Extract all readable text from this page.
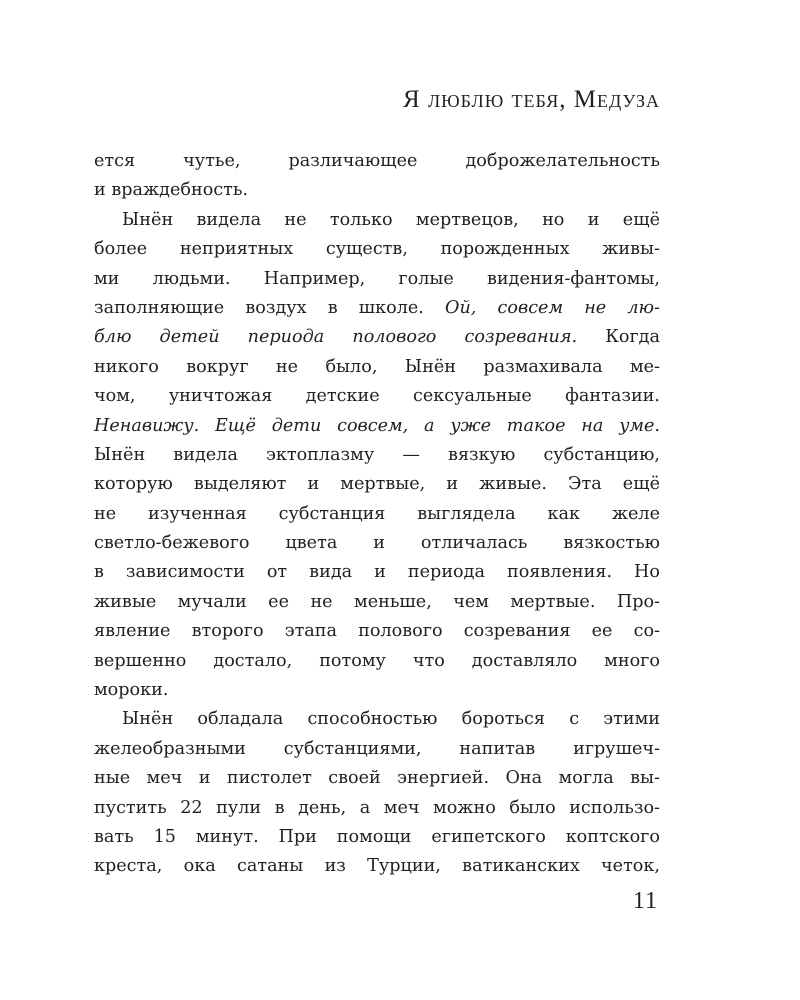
Я люблю тебя, Медуза
ется чутье, различающее доброжелательность
и враждебность.
Ынён видела не только мертвецов, но и ещё
более неприятных существ, порожденных живы-
ми людьми. Например, голые видения-фантомы,
заполняющие воздух в школе. Ой, совсем не лю-
блю детей периода полового созревания. Когда
никого вокруг не было, Ынён размахивала ме-
чом, уничтожая детские сексуальные фантазии.
Ненавижу. Ещё дети совсем, а уже такое на уме.
Ынён видела эктоплазму — вязкую субстанцию,
которую выделяют и мертвые, и живые. Эта ещё
не изученная субстанция выглядела как желе
светло-бежевого цвета и отличалась вязкостью
в зависимости от вида и периода появления. Но
живые мучали ее не меньше, чем мертвые. Про-
явление второго этапа полового созревания ее со-
вершенно достало, потому что доставляло много
мороки.
Ынён обладала способностью бороться с этими
желеобразными субстанциями, напитав игрушеч-
ные меч и пистолет своей энергией. Она могла вы-
пустить 22 пули в день, а меч можно было использо-
вать 15 минут. При помощи египетского коптского
креста, ока сатаны из Турции, ватиканских четок,
11
